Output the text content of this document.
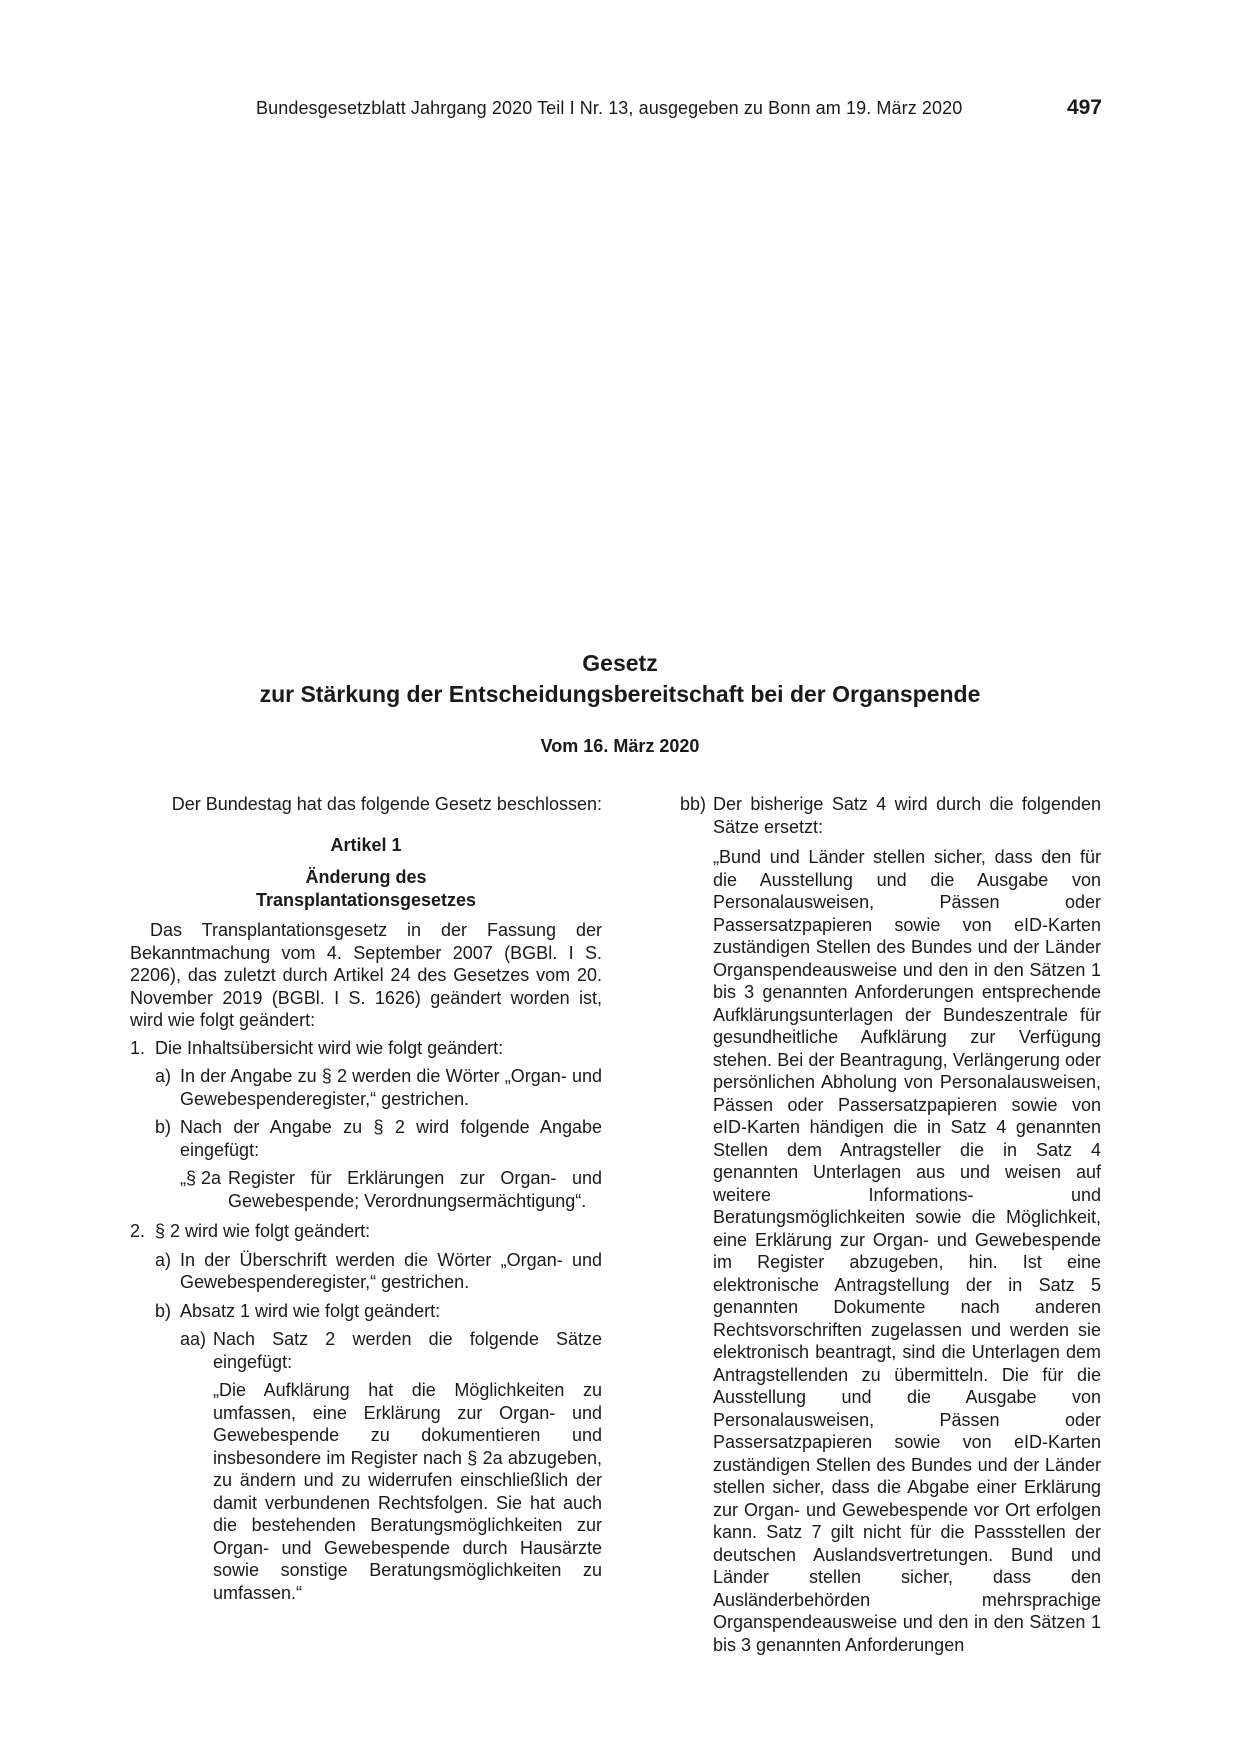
Bundesgesetzblatt Jahrgang 2020 Teil I Nr. 13, ausgegeben zu Bonn am 19. März 2020	497
Gesetz
zur Stärkung der Entscheidungsbereitschaft bei der Organspende
Vom 16. März 2020

Der Bundestag hat das folgende Gesetz beschlossen:

Artikel 1

Änderung des

Transplantationsgesetzes

Das Transplantationsgesetz in der Fassung der Bekanntmachung vom 4. September 2007 (BGBl. I S. 2206), das zuletzt durch Artikel 24 des Gesetzes vom 20. November 2019 (BGBl. I S. 1626) geändert worden ist, wird wie folgt geändert:

1. Die Inhaltsübersicht wird wie folgt geändert:
a) In der Angabe zu § 2 werden die Wörter „Organ- und Gewebespenderegister,“ gestrichen.
b) Nach der Angabe zu § 2 wird folgende Angabe eingefügt:
„§ 2a Register für Erklärungen zur Organ- und Gewebespende; Verordnungsermächtigung“.
2. § 2 wird wie folgt geändert:
a) In der Überschrift werden die Wörter „Organ- und Gewebespenderegister,“ gestrichen.
b) Absatz 1 wird wie folgt geändert:
aa) Nach Satz 2 werden die folgende Sätze eingefügt:

„Die Aufklärung hat die Möglichkeiten zu umfassen, eine Erklärung zur Organ- und Gewebespende zu dokumentieren und insbesondere im Register nach § 2a abzugeben, zu ändern und zu widerrufen einschließlich der damit verbundenen Rechtsfolgen. Sie hat auch die bestehenden Beratungsmöglichkeiten zur Organ- und Gewebespende durch Hausärzte sowie sonstige Beratungsmöglichkeiten zu umfassen.“

bb) Der bisherige Satz 4 wird durch die folgenden Sätze ersetzt:

„Bund und Länder stellen sicher, dass den für die Ausstellung und die Ausgabe von Personalausweisen, Pässen oder Passersatzpapieren sowie von eID-Karten zuständigen Stellen des Bundes und der Länder Organspendeausweise und den in den Sätzen 1 bis 3 genannten Anforderungen entsprechende Aufklärungsunterlagen der Bundeszentrale für gesundheitliche Aufklärung zur Verfügung stehen. Bei der Beantragung, Verlängerung oder persönlichen Abholung von Personalausweisen, Pässen oder Passersatzpapieren sowie von eID-Karten händigen die in Satz 4 genannten Stellen dem Antragsteller die in Satz 4 genannten Unterlagen aus und weisen auf weitere Informations- und Beratungsmöglichkeiten sowie die Möglichkeit, eine Erklärung zur Organ- und Gewebespende im Register abzugeben, hin. Ist eine elektronische Antragstellung der in Satz 5 genannten Dokumente nach anderen Rechtsvorschriften zugelassen und werden sie elektronisch beantragt, sind die Unterlagen dem Antragstellenden zu übermitteln. Die für die Ausstellung und die Ausgabe von Personalausweisen, Pässen oder Passersatzpapieren sowie von eID-Karten zuständigen Stellen des Bundes und der Länder stellen sicher, dass die Abgabe einer Erklärung zur Organ- und Gewebespende vor Ort erfolgen kann. Satz 7 gilt nicht für die Passstellen der deutschen Auslandsvertretungen. Bund und Länder stellen sicher, dass den Ausländerbehörden mehrsprachige Organspendeausweise und den in den Sätzen 1 bis 3 genannten Anforderungen
